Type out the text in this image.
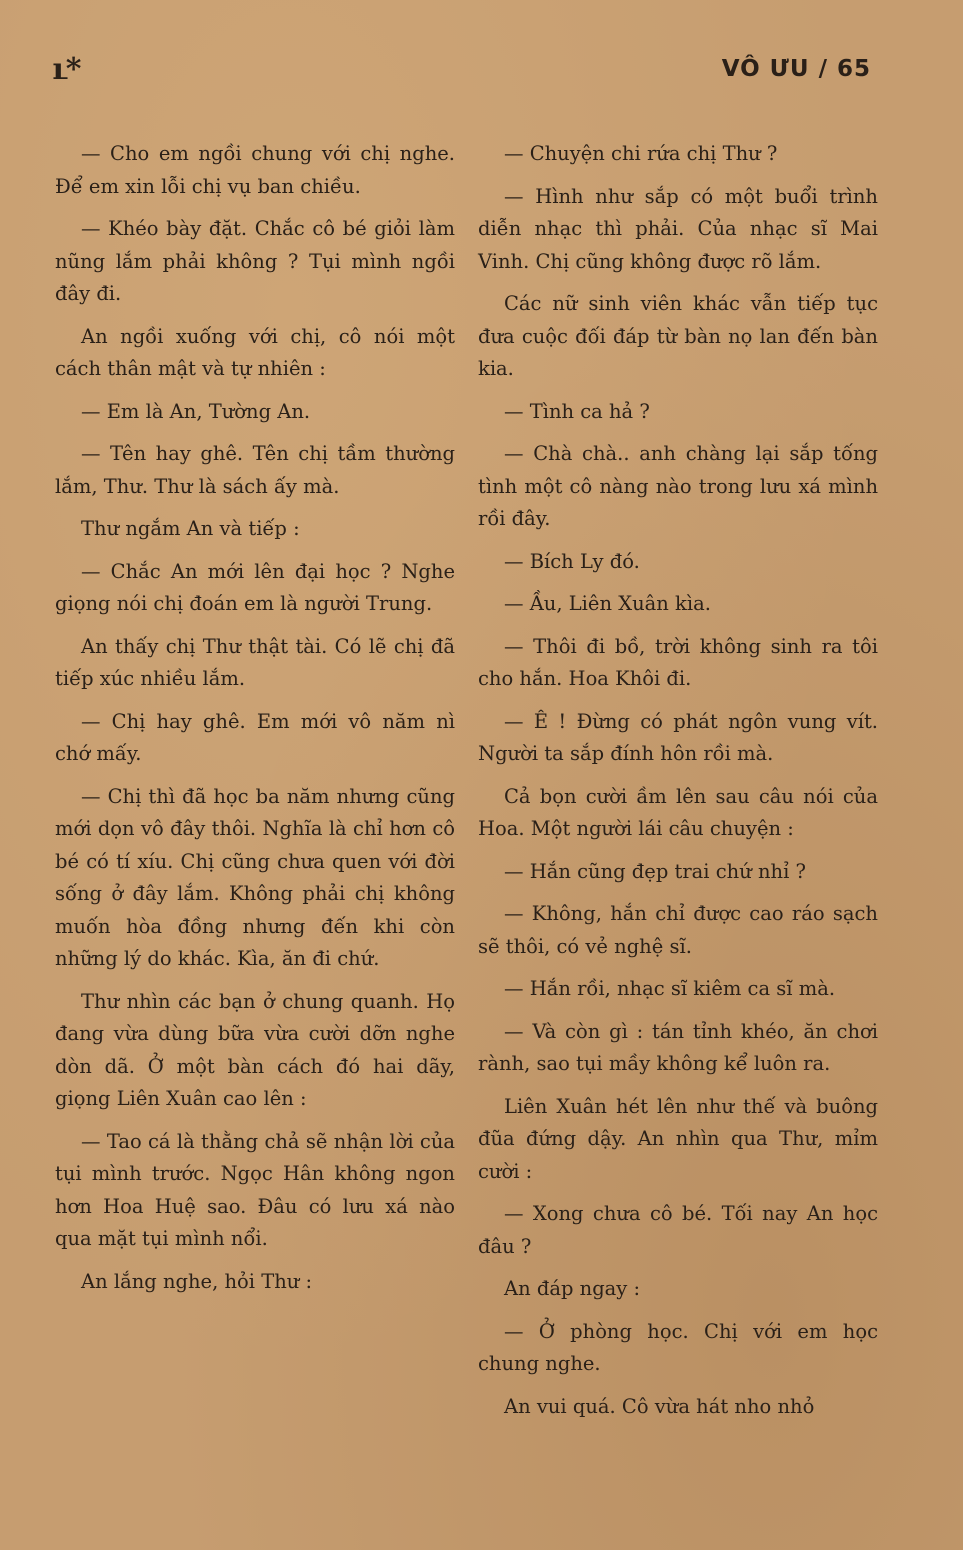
ւ*	VÔ ƯU / 65

— Cho em ngồi chung với chị nghe. Để em xin lỗi chị vụ ban chiều.

— Khéo bày đặt. Chắc cô bé giỏi làm nũng lắm phải không ? Tụi mình ngồi đây đi.

An ngồi xuống với chị, cô nói một cách thân mật và tự nhiên :

— Em là An, Tường An.

— Tên hay ghê. Tên chị tầm thường lắm, Thư. Thư là sách ấy mà.

Thư ngắm An và tiếp :

— Chắc An mới lên đại học ? Nghe giọng nói chị đoán em là người Trung.

An thấy chị Thư thật tài. Có lẽ chị đã tiếp xúc nhiều lắm.

— Chị hay ghê. Em mới vô năm nì chớ mấy.

— Chị thì đã học ba năm nhưng cũng mới dọn vô đây thôi. Nghĩa là chỉ hơn cô bé có tí xíu. Chị cũng chưa quen với đời sống ở đây lắm. Không phải chị không muốn hòa đồng nhưng đến khi còn những lý do khác. Kìa, ăn đi chứ.

Thư nhìn các bạn ở chung quanh. Họ đang vừa dùng bữa vừa cười dỡn nghe dòn dã. Ở một bàn cách đó hai dãy, giọng Liên Xuân cao lên :

— Tao cá là thằng chả sẽ nhận lời của tụi mình trước. Ngọc Hân không ngon hơn Hoa Huệ sao. Đâu có lưu xá nào qua mặt tụi mình nổi.

An lắng nghe, hỏi Thư :

— Chuyện chi rứa chị Thư ?

— Hình như sắp có một buổi trình diễn nhạc thì phải. Của nhạc sĩ Mai Vinh. Chị cũng không được rõ lắm.

Các nữ sinh viên khác vẫn tiếp tục đưa cuộc đối đáp từ bàn nọ lan đến bàn kia.

— Tình ca hả ?

— Chà chà.. anh chàng lại sắp tống tình một cô nàng nào trong lưu xá mình rồi đây.

— Bích Ly đó.

— Ầu, Liên Xuân kìa.

— Thôi đi bồ, trời không sinh ra tôi cho hắn. Hoa Khôi đi.

— Ê ! Đừng có phát ngôn vung vít. Người ta sắp đính hôn rồi mà.

Cả bọn cười ầm lên sau câu nói của Hoa. Một người lái câu chuyện :

— Hắn cũng đẹp trai chứ nhỉ ?

— Không, hắn chỉ được cao ráo sạch sẽ thôi, có vẻ nghệ sĩ.

— Hắn rồi, nhạc sĩ kiêm ca sĩ mà.

— Và còn gì : tán tỉnh khéo, ăn chơi rành, sao tụi mầy không kể luôn ra.

Liên Xuân hét lên như thế và buông đũa đứng dậy. An nhìn qua Thư, mỉm cười :

— Xong chưa cô bé. Tối nay An học đâu ?

An đáp ngay :

— Ở phòng học. Chị với em học chung nghe.

An vui quá. Cô vừa hát nho nhỏ
